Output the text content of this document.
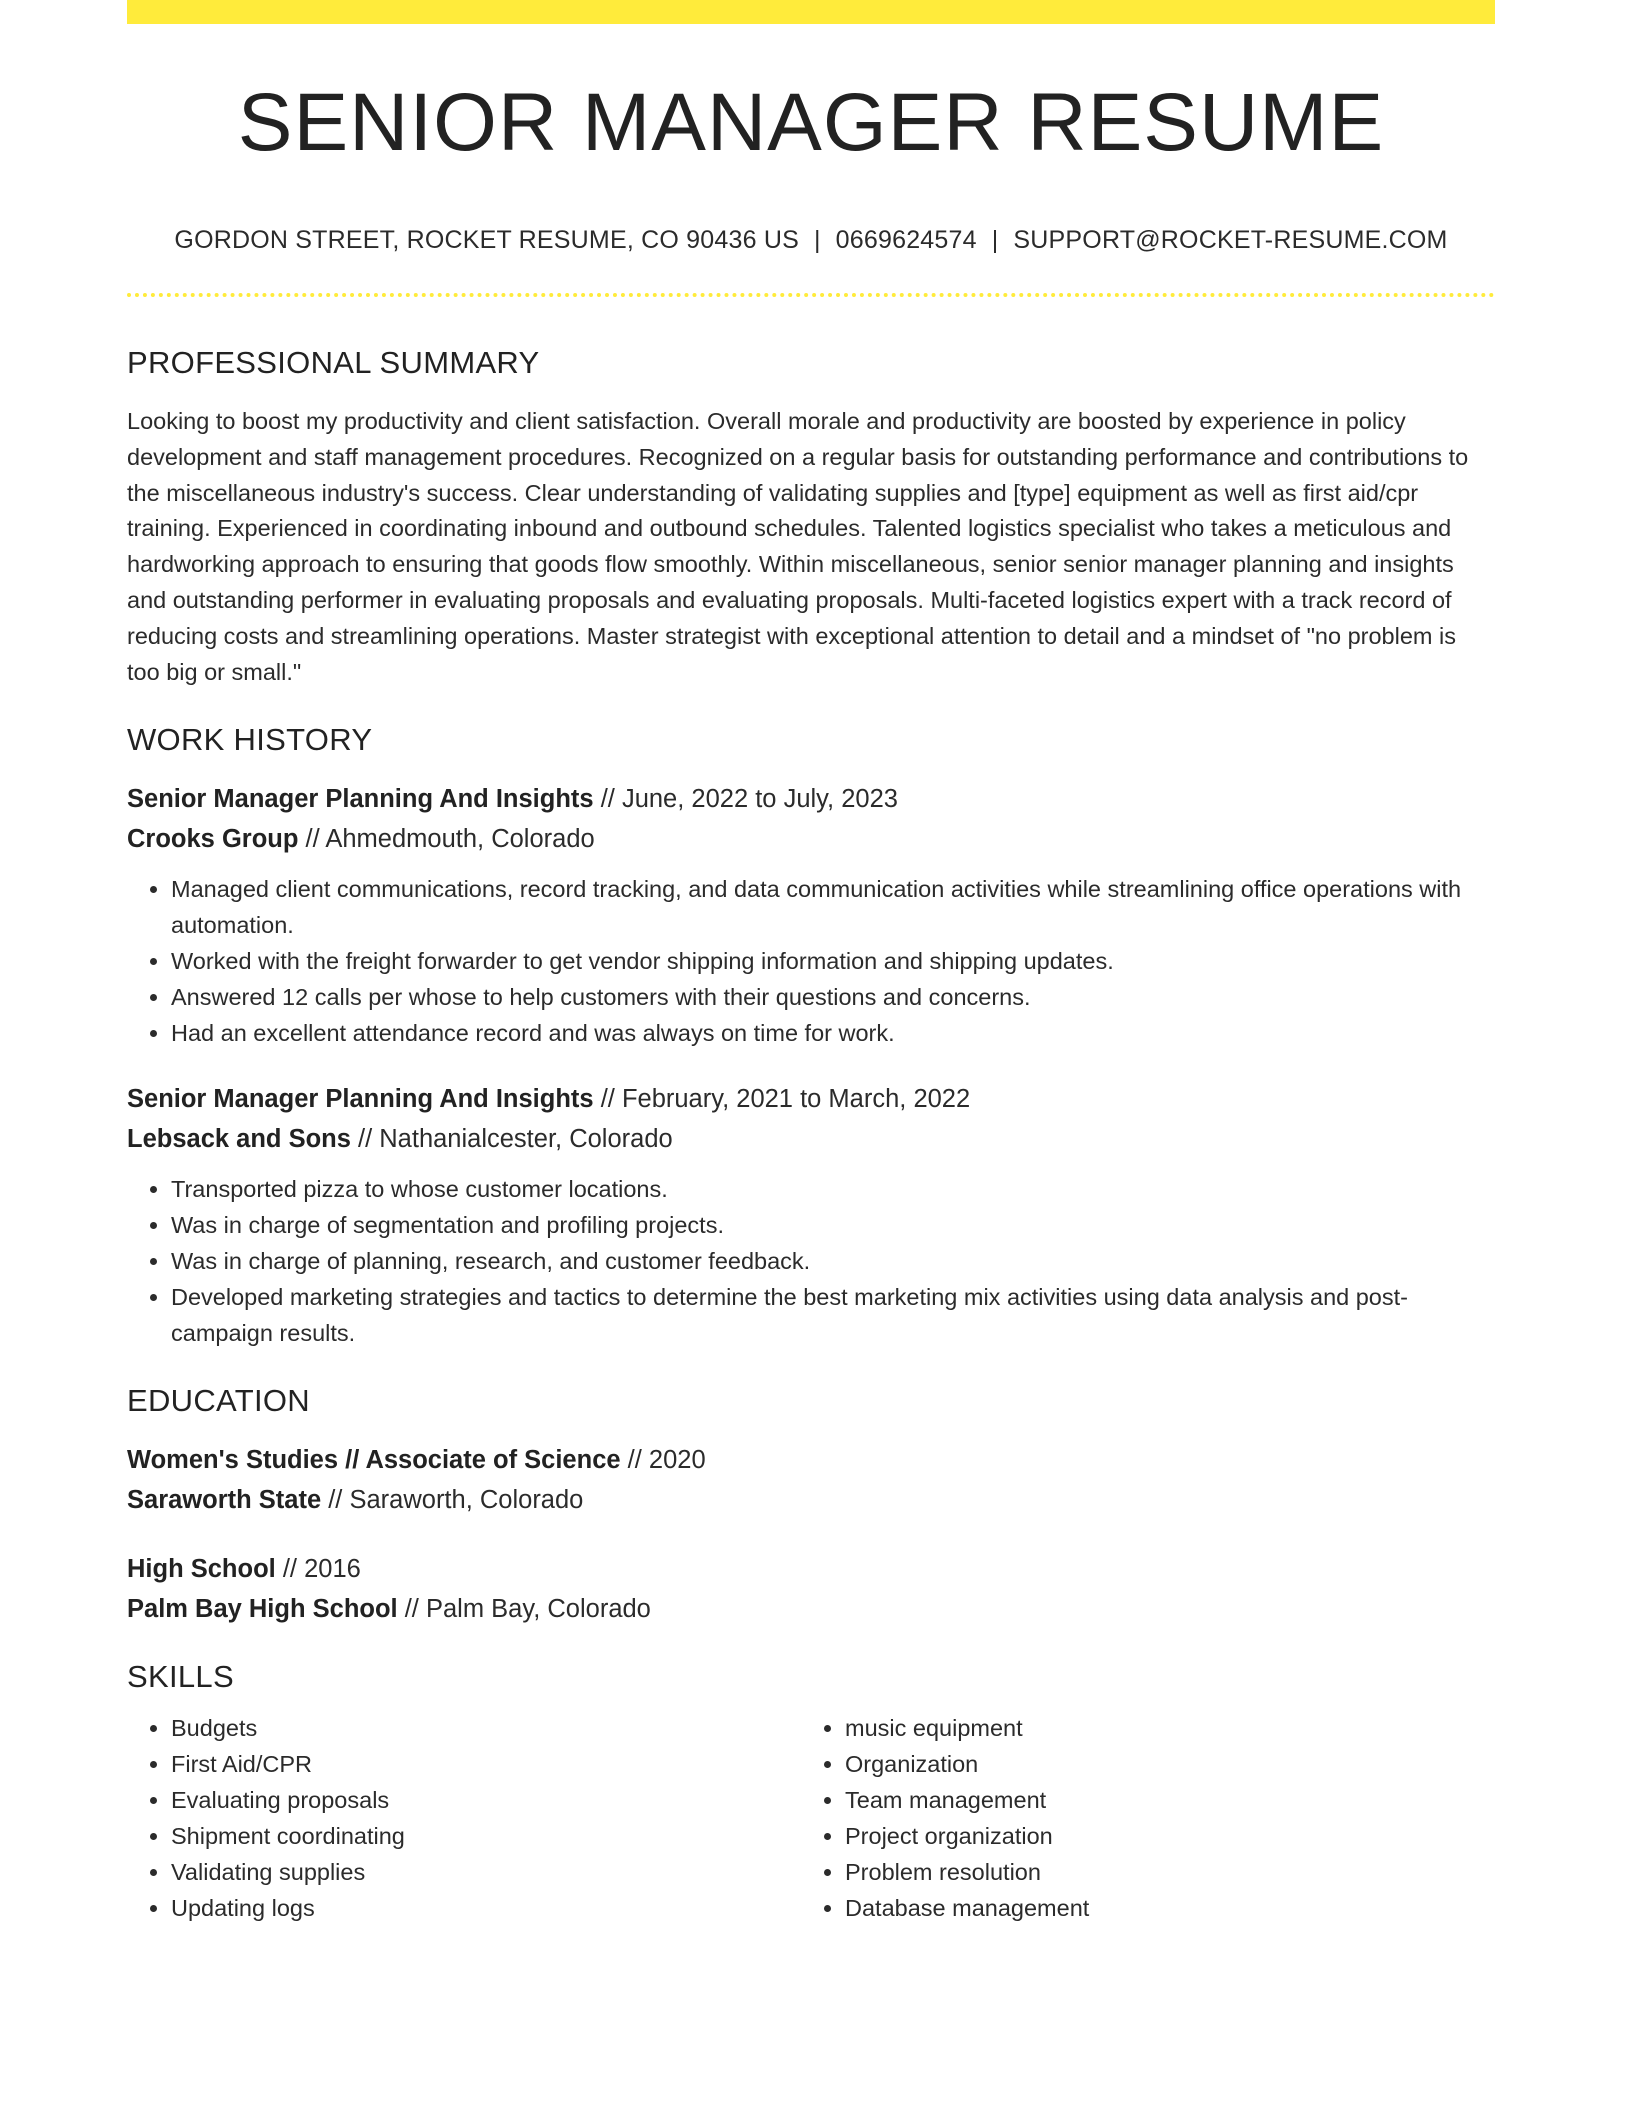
SENIOR MANAGER RESUME
GORDON STREET, ROCKET RESUME, CO 90436 US | 0669624574 | SUPPORT@ROCKET-RESUME.COM
PROFESSIONAL SUMMARY
Looking to boost my productivity and client satisfaction. Overall morale and productivity are boosted by experience in policy development and staff management procedures. Recognized on a regular basis for outstanding performance and contributions to the miscellaneous industry's success. Clear understanding of validating supplies and [type] equipment as well as first aid/cpr training. Experienced in coordinating inbound and outbound schedules. Talented logistics specialist who takes a meticulous and hardworking approach to ensuring that goods flow smoothly. Within miscellaneous, senior senior manager planning and insights and outstanding performer in evaluating proposals and evaluating proposals. Multi-faceted logistics expert with a track record of reducing costs and streamlining operations. Master strategist with exceptional attention to detail and a mindset of "no problem is too big or small."
WORK HISTORY
Senior Manager Planning And Insights // June, 2022 to July, 2023
Crooks Group // Ahmedmouth, Colorado
• Managed client communications, record tracking, and data communication activities while streamlining office operations with automation.
• Worked with the freight forwarder to get vendor shipping information and shipping updates.
• Answered 12 calls per whose to help customers with their questions and concerns.
• Had an excellent attendance record and was always on time for work.
Senior Manager Planning And Insights // February, 2021 to March, 2022
Lebsack and Sons // Nathanialcester, Colorado
• Transported pizza to whose customer locations.
• Was in charge of segmentation and profiling projects.
• Was in charge of planning, research, and customer feedback.
• Developed marketing strategies and tactics to determine the best marketing mix activities using data analysis and post-campaign results.
EDUCATION
Women's Studies // Associate of Science // 2020
Saraworth State // Saraworth, Colorado
High School // 2016
Palm Bay High School // Palm Bay, Colorado
SKILLS
• Budgets
• First Aid/CPR
• Evaluating proposals
• Shipment coordinating
• Validating supplies
• Updating logs
• music equipment
• Organization
• Team management
• Project organization
• Problem resolution
• Database management
